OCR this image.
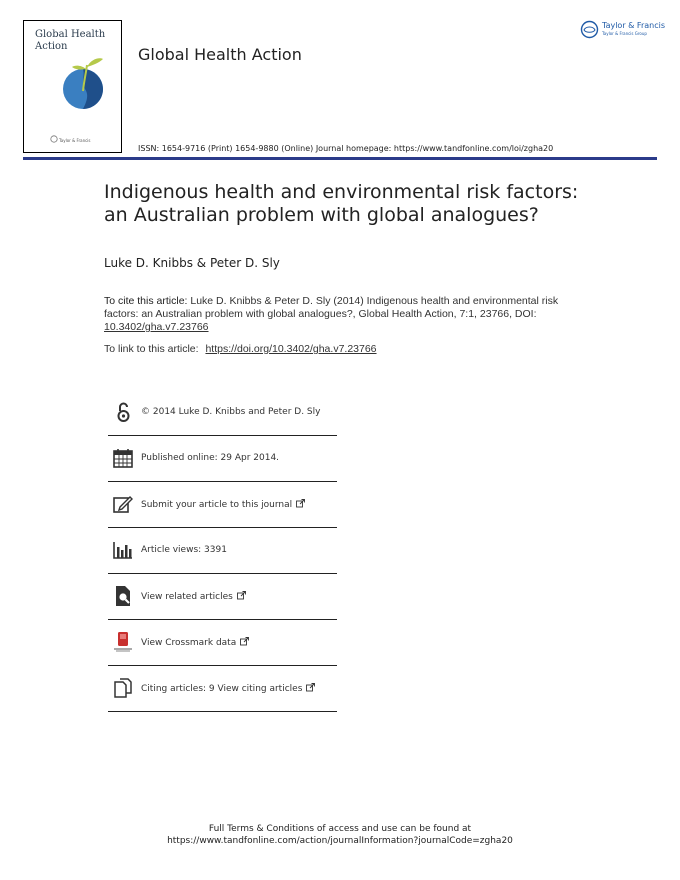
Global Health Action
Taylor & Francis
Global Health Action
Taylor & Francis
Taylor & Francis Group
ISSN: 1654-9716 (Print) 1654-9880 (Online) Journal homepage: https://www.tandfonline.com/loi/zgha20
Indigenous health and environmental risk factors:
an Australian problem with global analogues?
Luke D. Knibbs & Peter D. Sly
To cite this article: Luke D. Knibbs & Peter D. Sly (2014) Indigenous health and environmental risk factors: an Australian problem with global analogues?, Global Health Action, 7:1, 23766, DOI: 10.3402/gha.v7.23766
To link to this article: https://doi.org/10.3402/gha.v7.23766
© 2014 Luke D. Knibbs and Peter D. Sly
Published online: 29 Apr 2014.
Submit your article to this journal
Article views: 3391
View related articles
View Crossmark data
Citing articles: 9 View citing articles
Full Terms & Conditions of access and use can be found at
https://www.tandfonline.com/action/journalInformation?journalCode=zgha20
